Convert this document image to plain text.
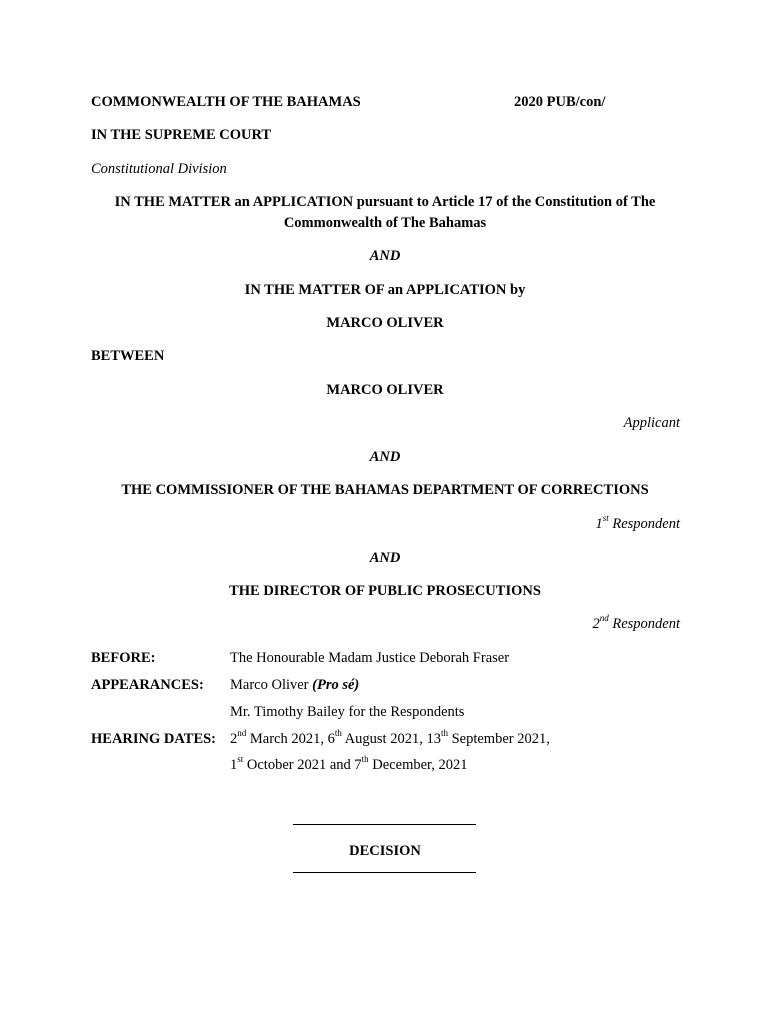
COMMONWEALTH OF THE BAHAMAS	2020 PUB/con/
IN THE SUPREME COURT
Constitutional Division
IN THE MATTER an APPLICATION pursuant to Article 17 of the Constitution of The
Commonwealth of The Bahamas
AND
IN THE MATTER OF an APPLICATION by
MARCO OLIVER
BETWEEN
MARCO OLIVER
Applicant
AND
THE COMMISSIONER OF THE BAHAMAS DEPARTMENT OF CORRECTIONS
1st Respondent
AND
THE DIRECTOR OF PUBLIC PROSECUTIONS
2nd Respondent
BEFORE:	The Honourable Madam Justice Deborah Fraser
APPEARANCES: Marco Oliver (Pro sé)
Mr. Timothy Bailey for the Respondents
HEARING DATES: 2nd March 2021, 6th August 2021, 13th September 2021,
1st October 2021 and 7th December, 2021
DECISION
